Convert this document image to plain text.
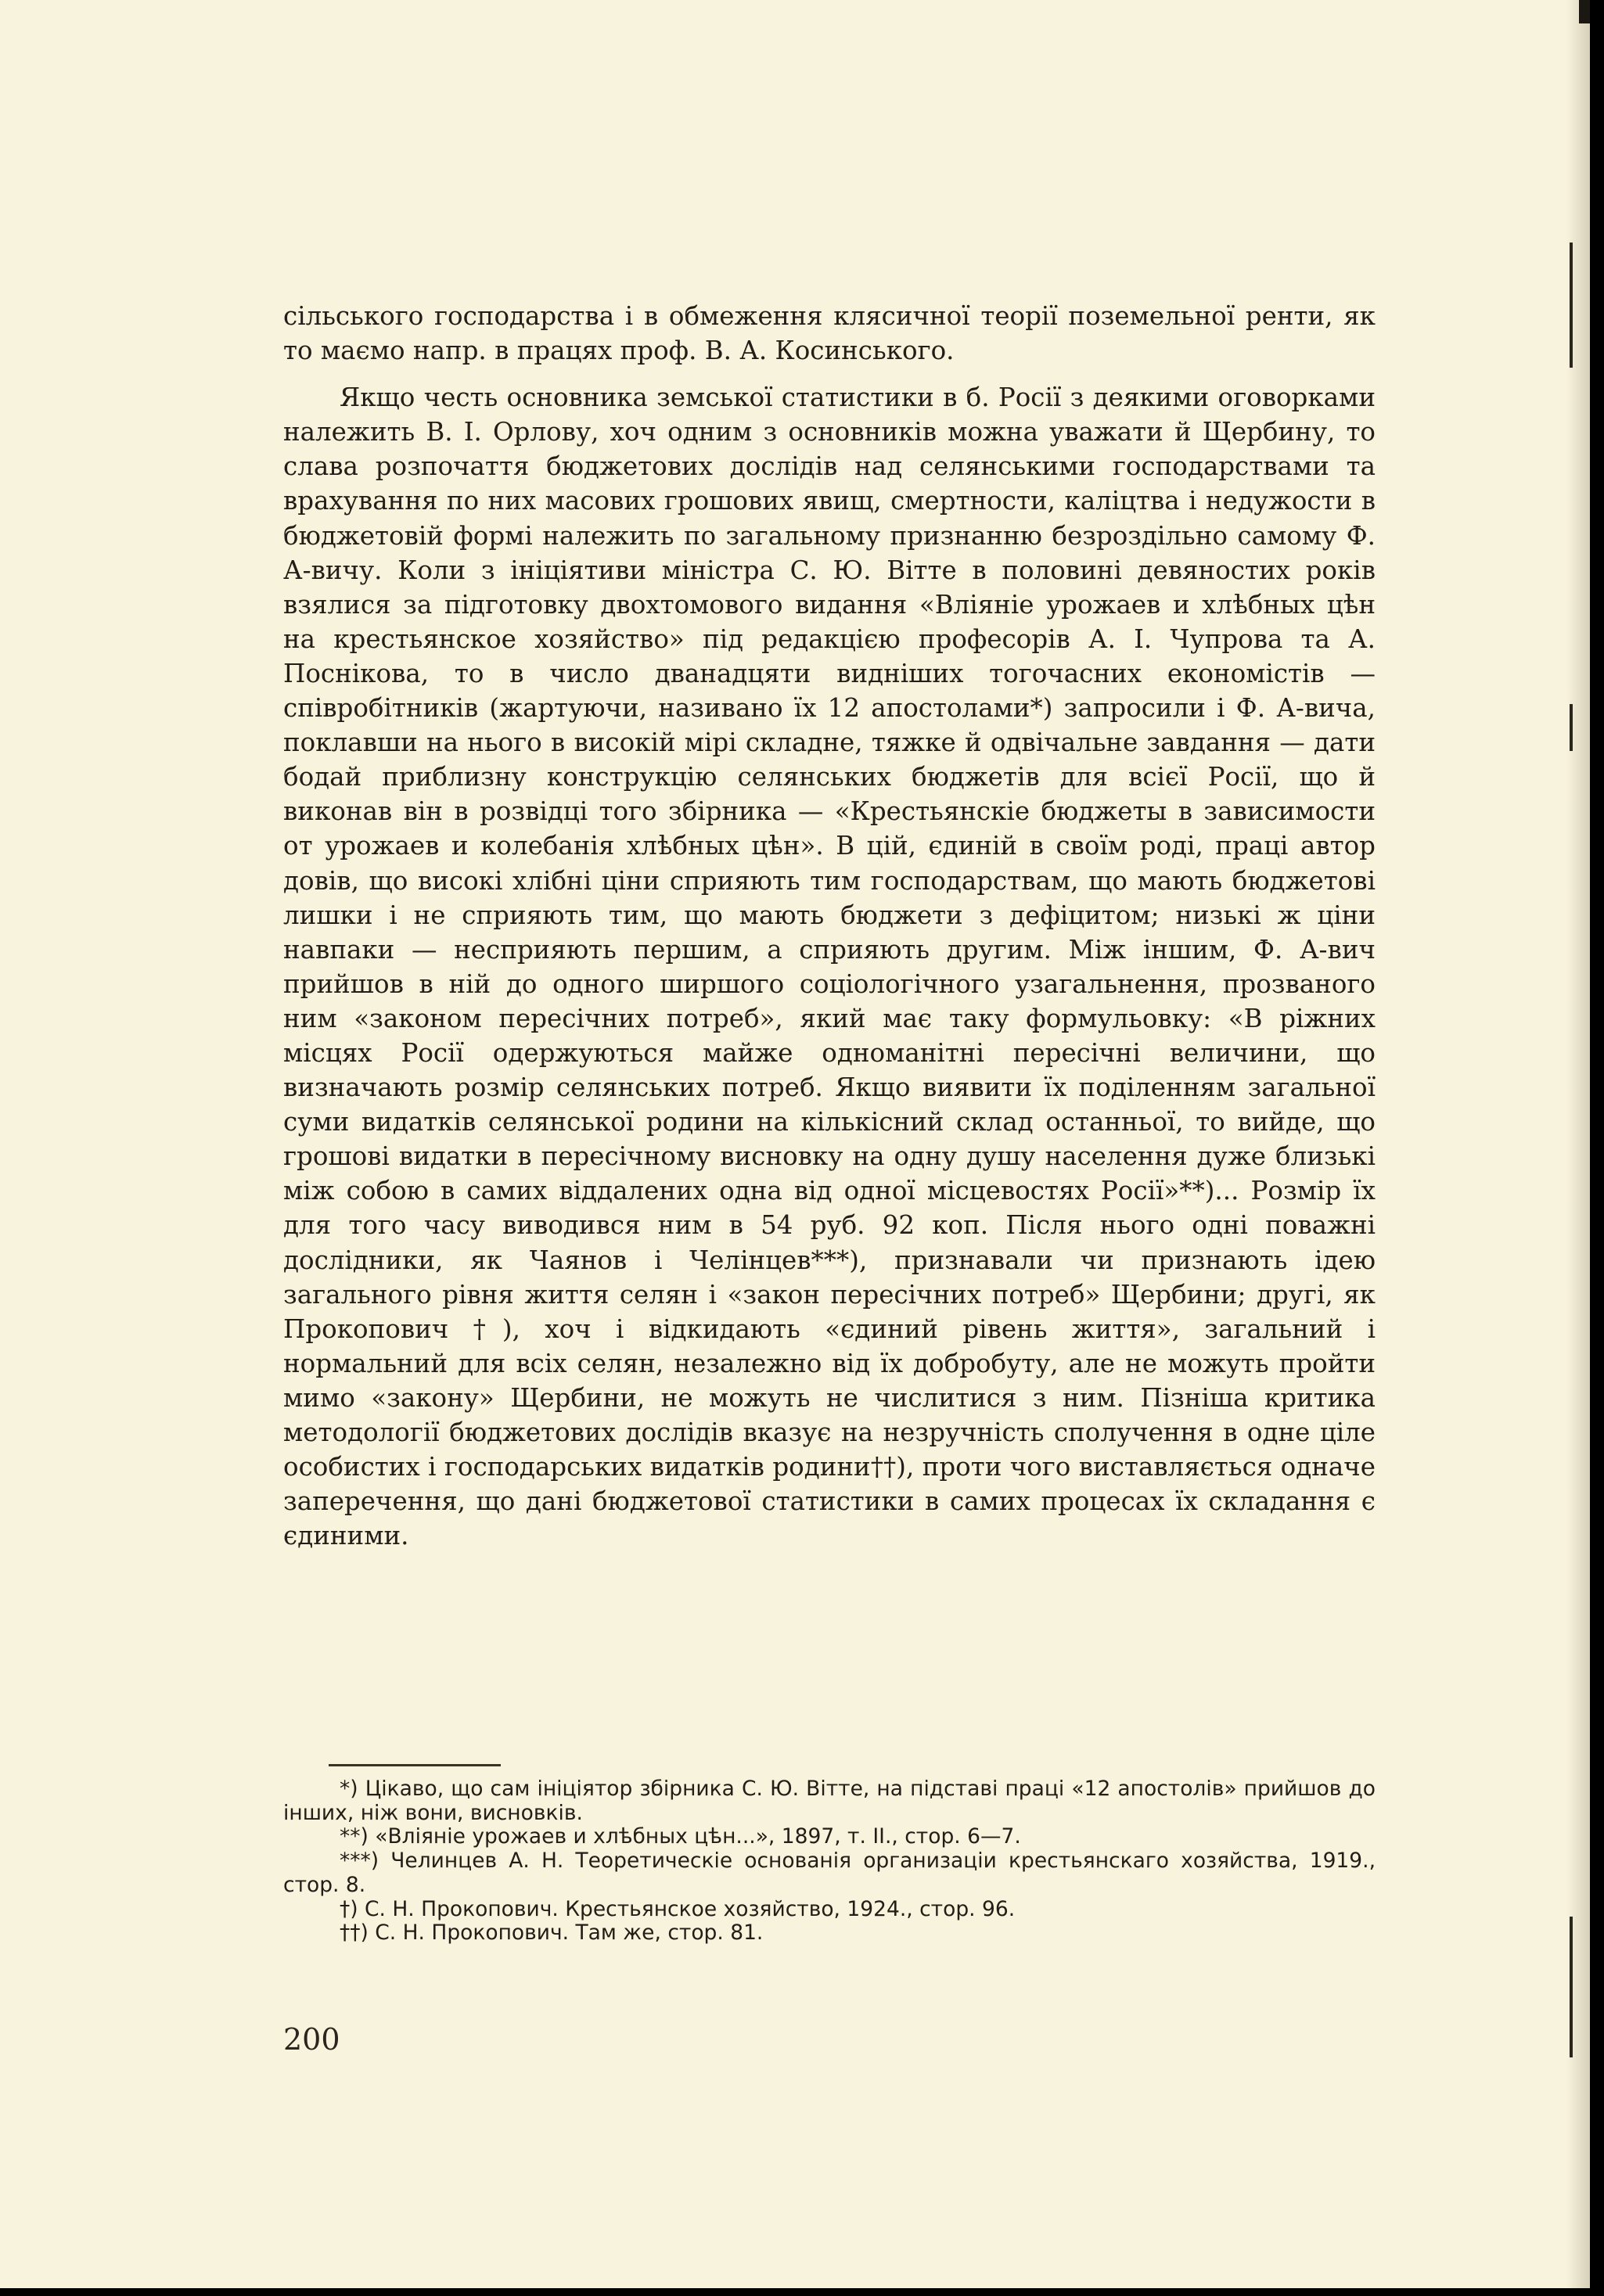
сільського господарства і в обмеження клясичної теорії поземельної ренти, як то маємо напр. в працях проф. В. А. Косинського.

Якщо честь основника земської статистики в б. Росії з деякими оговорками належить В. І. Орлову, хоч одним з основників можна уважати й Щербину, то слава розпочаття бюджетових дослідів над селянськими господарствами та врахування по них масових грошових явищ, смертности, каліцтва і недужости в бюджетовій формі належить по загальному признанню безроздільно самому Ф. А-вичу. Коли з ініціятиви міністра С. Ю. Вітте в половині девяностих років взялися за підготовку двохтомового видання «Вліяніе урожаев и хлѣбных цѣн на крестьянское хозяйство» під редакцією професорів А. І. Чупрова та А. Поснікова, то в число дванадцяти видніших тогочасних економістів — співробітників (жартуючи, називано їх 12 апостолами*) запросили і Ф. А-вича, поклавши на нього в високій мірі складне, тяжке й одвічальне завдання — дати бодай приблизну конструкцію селянських бюджетів для всієї Росії, що й виконав він в розвідці того збірника — «Крестьянскіе бюджеты в зависимости от урожаев и колебанія хлѣбных цѣн». В цій, єдиній в своїм роді, праці автор довів, що високі хлібні ціни сприяють тим господарствам, що мають бюджетові лишки і не сприяють тим, що мають бюджети з дефіцитом; низькі ж ціни навпаки — несприяють першим, а сприяють другим. Між іншим, Ф. А-вич прийшов в ній до одного ширшого соціологічного узагальнення, прозваного ним «законом пересічних потреб», який має таку формульовку: «В ріжних місцях Росії одержуються майже одноманітні пересічні величини, що визначають розмір селянських потреб. Якщо виявити їх поділенням загальної суми видатків селянської родини на кількісний склад останньої, то вийде, що грошові видатки в пересічному висновку на одну душу населення дуже близькі між собою в самих віддалених одна від одної місцевостях Росії»**)... Розмір їх для того часу виводився ним в 54 руб. 92 коп. Після нього одні поважні дослідники, як Чаянов і Челінцев***), признавали чи признають ідею загального рівня життя селян і «закон пересічних потреб» Щербини; другі, як Прокопович †), хоч і відкидають «єдиний рівень життя», загальний і нормальний для всіх селян, незалежно від їх добробуту, але не можуть пройти мимо «закону» Щербини, не можуть не числитися з ним. Пізніша критика методології бюджетових дослідів вказує на незручність сполучення в одне ціле особистих і господарських видатків родини††), проти чого виставляється одначе заперечення, що дані бюджетової статистики в самих процесах їх складання є єдиними.

*) Цікаво, що сам ініціятор збірника С. Ю. Вітте, на підставі праці «12 апостолів» прийшов до інших, ніж вони, висновків.

**) «Вліяніе урожаев и хлѣбных цѣн...», 1897, т. II., стор. 6—7.

***) Челинцев А. Н. Теоретическіе основанія организаціи крестьянскаго хозяйства, 1919., стор. 8.

†) С. Н. Прокопович. Крестьянское хозяйство, 1924., стор. 96.

††) С. Н. Прокопович. Там же, стор. 81.

200
